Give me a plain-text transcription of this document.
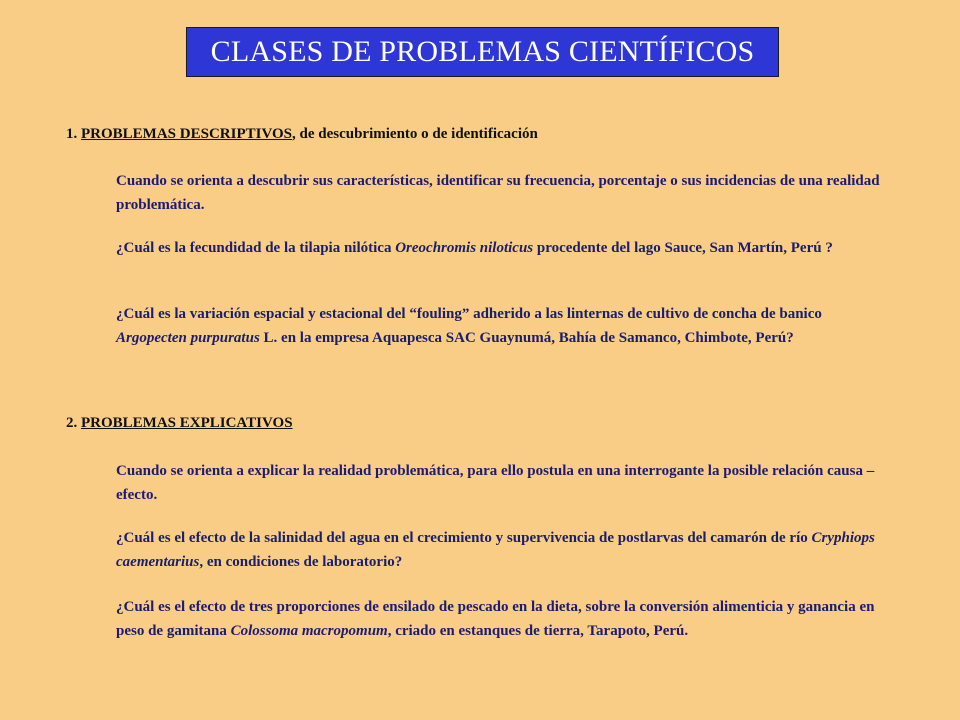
CLASES DE PROBLEMAS CIENTÍFICOS
1. PROBLEMAS DESCRIPTIVOS, de descubrimiento o de identificación
Cuando se orienta a descubrir sus características, identificar su frecuencia, porcentaje o sus incidencias de una realidad problemática.
¿Cuál es la fecundidad de la tilapia nilótica Oreochromis niloticus procedente del lago Sauce, San Martín, Perú ?
¿Cuál es la variación espacial y estacional del “fouling” adherido a las linternas de cultivo de concha de banico Argopecten purpuratus L. en la empresa Aquapesca SAC Guaynumá, Bahía de Samanco, Chimbote, Perú?
2. PROBLEMAS EXPLICATIVOS
Cuando se orienta a explicar la realidad problemática, para ello postula en una interrogante la posible relación causa – efecto.
¿Cuál es el efecto de la salinidad del agua en el crecimiento y supervivencia de postlarvas del camarón de río Cryphiops caementarius, en condiciones de laboratorio?
¿Cuál es el efecto de tres proporciones de ensilado de pescado en la dieta, sobre la conversión alimenticia y ganancia en peso de gamitana Colossoma macropomum, criado en estanques de tierra, Tarapoto, Perú.
